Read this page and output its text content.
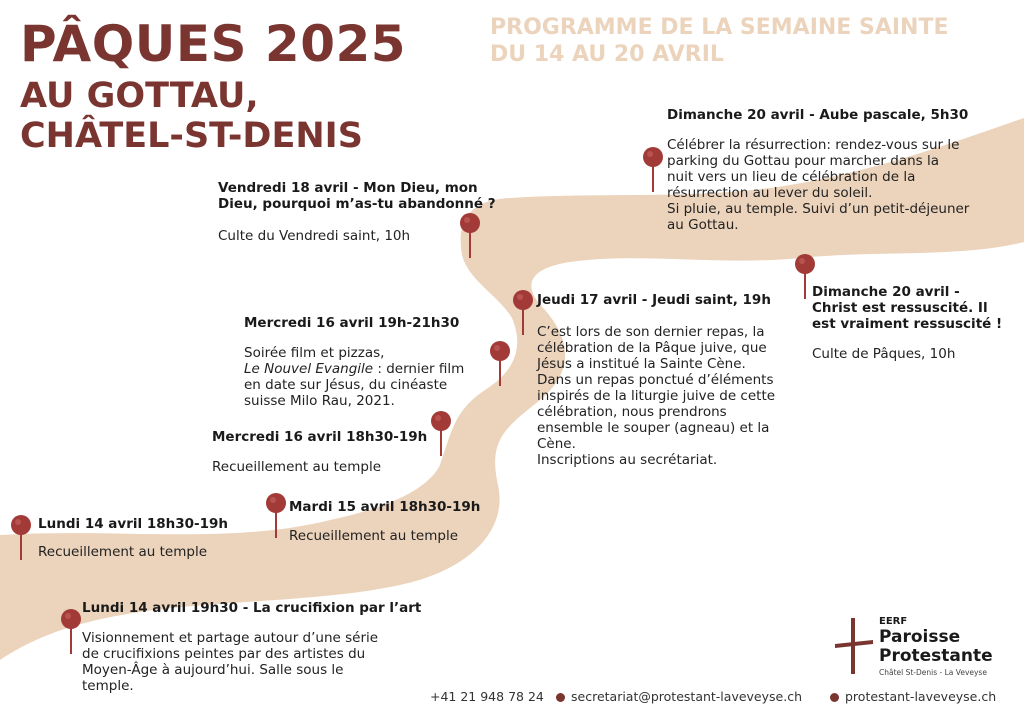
PÂQUES 2025
AU GOTTAU,
CHÂTEL-ST-DENIS
PROGRAMME DE LA SEMAINE SAINTE
DU 14 AU 20 AVRIL
Lundi 14 avril 18h30-19h
Recueillement au temple
Mardi 15 avril 18h30-19h
Recueillement au temple
Mercredi 16 avril 18h30-19h
Recueillement au temple
Mercredi 16 avril 19h-21h30
Soirée film et pizzas,
Le Nouvel Evangile : dernier film
en date sur Jésus, du cinéaste
suisse Milo Rau, 2021.
Vendredi 18 avril - Mon Dieu, mon
Dieu, pourquoi m’as-tu abandonné ?
Culte du Vendredi saint, 10h
Jeudi 17 avril - Jeudi saint, 19h
C’est lors de son dernier repas, la
célébration de la Pâque juive, que
Jésus a institué la Sainte Cène.
Dans un repas ponctué d’éléments
inspirés de la liturgie juive de cette
célébration, nous prendrons
ensemble le souper (agneau) et la
Cène.
Inscriptions au secrétariat.
Dimanche 20 avril - Aube pascale, 5h30
Célébrer la résurrection: rendez-vous sur le
parking du Gottau pour marcher dans la
nuit vers un lieu de célébration de la
résurrection au lever du soleil.
Si pluie, au temple. Suivi d’un petit-déjeuner
au Gottau.
Dimanche 20 avril -
Christ est ressuscité. Il
est vraiment ressuscité !
Culte de Pâques, 10h
Lundi 14 avril 19h30 - La crucifixion par l’art
Visionnement et partage autour d’une série
de crucifixions peintes par des artistes du
Moyen-Âge à aujourd’hui. Salle sous le
temple.
EERF
Paroisse
Protestante
Châtel St-Denis - La Veveyse
+41 21 948 78 24	secretariat@protestant-laveveyse.ch	protestant-laveveyse.ch
